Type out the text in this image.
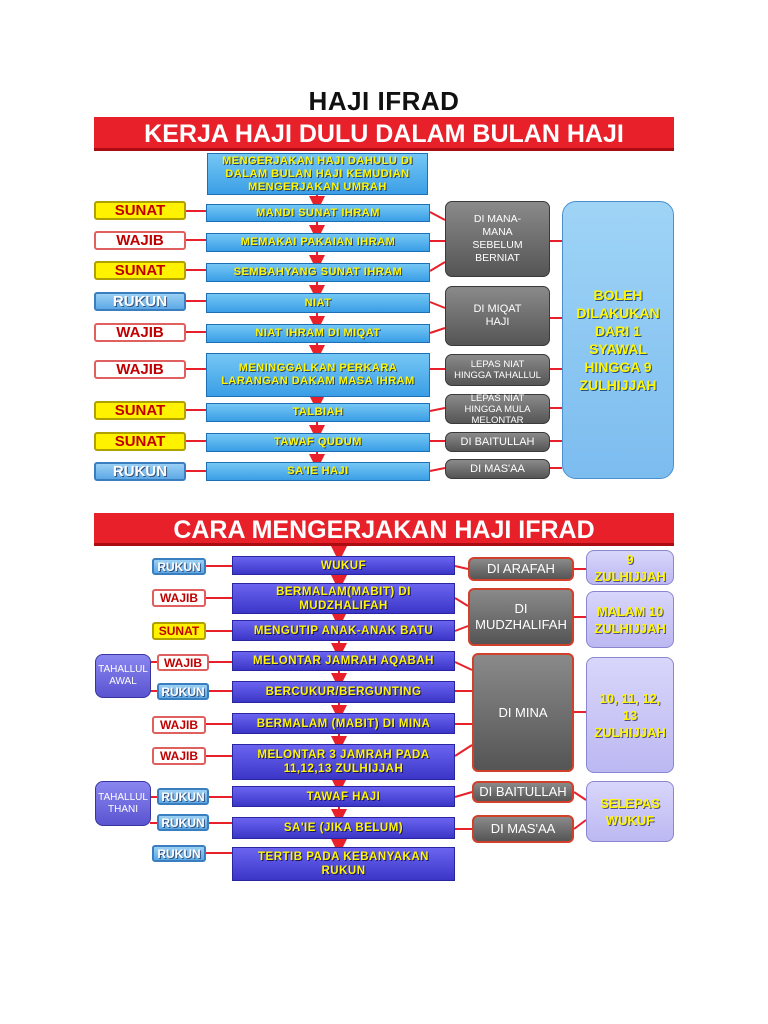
HAJI IFRAD
KERJA HAJI DULU DALAM BULAN HAJI
MENGERJAKAN HAJI DAHULU DI DALAM BULAN HAJI KEMUDIAN MENGERJAKAN UMRAH
SUNAT
WAJIB
SUNAT
RUKUN
WAJIB
WAJIB
SUNAT
SUNAT
RUKUN
MANDI SUNAT IHRAM
MEMAKAI PAKAIAN IHRAM
SEMBAHYANG SUNAT IHRAM
NIAT
NIAT IHRAM DI MIQAT
MENINGGALKAN PERKARA LARANGAN DAKAM MASA IHRAM
TALBIAH
TAWAF QUDUM
SA'IE HAJI
DI MANA-MANA SEBELUM BERNIAT
DI MIQAT HAJI
LEPAS NIAT HINGGA TAHALLUL
LEPAS NIAT HINGGA MULA MELONTAR
DI BAITULLAH
DI MAS'AA
BOLEH DILAKUKAN DARI 1 SYAWAL HINGGA 9 ZULHIJJAH
CARA MENGERJAKAN HAJI IFRAD
TAHALLUL AWAL
TAHALLUL THANI
RUKUN
WAJIB
SUNAT
WAJIB
RUKUN
WAJIB
WAJIB
RUKUN
RUKUN
RUKUN
WUKUF
BERMALAM(MABIT) DI MUDZHALIFAH
MENGUTIP ANAK-ANAK BATU
MELONTAR JAMRAH AQABAH
BERCUKUR/BERGUNTING
BERMALAM (MABIT) DI MINA
MELONTAR 3 JAMRAH PADA 11,12,13 ZULHIJJAH
TAWAF HAJI
SA'IE (JIKA BELUM)
TERTIB PADA KEBANYAKAN RUKUN
DI ARAFAH
DI MUDZHALIFAH
DI MINA
DI BAITULLAH
DI MAS'AA
9 ZULHIJJAH
MALAM 10 ZULHIJJAH
10, 11, 12, 13 ZULHIJJAH
SELEPAS WUKUF
